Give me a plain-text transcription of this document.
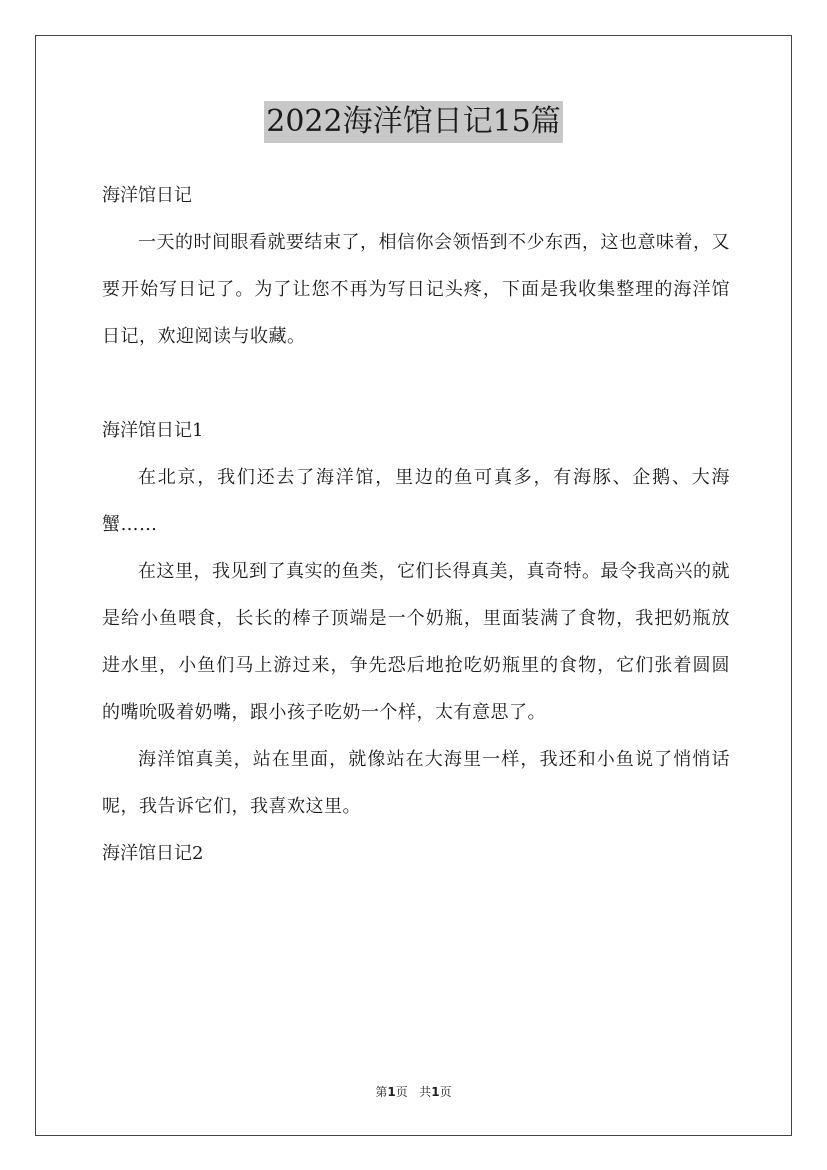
2022海洋馆日记15篇

海洋馆日记

一天的时间眼看就要结束了，相信你会领悟到不少东西，这也意味着，又要开始写日记了。为了让您不再为写日记头疼，下面是我收集整理的海洋馆日记，欢迎阅读与收藏。

海洋馆日记1

在北京，我们还去了海洋馆，里边的鱼可真多，有海豚、企鹅、大海蟹……

在这里，我见到了真实的鱼类，它们长得真美，真奇特。最令我高兴的就是给小鱼喂食，长长的棒子顶端是一个奶瓶，里面装满了食物，我把奶瓶放进水里，小鱼们马上游过来，争先恐后地抢吃奶瓶里的食物，它们张着圆圆的嘴吮吸着奶嘴，跟小孩子吃奶一个样，太有意思了。

海洋馆真美，站在里面，就像站在大海里一样，我还和小鱼说了悄悄话呢，我告诉它们，我喜欢这里。

海洋馆日记2

第1页 共1页
